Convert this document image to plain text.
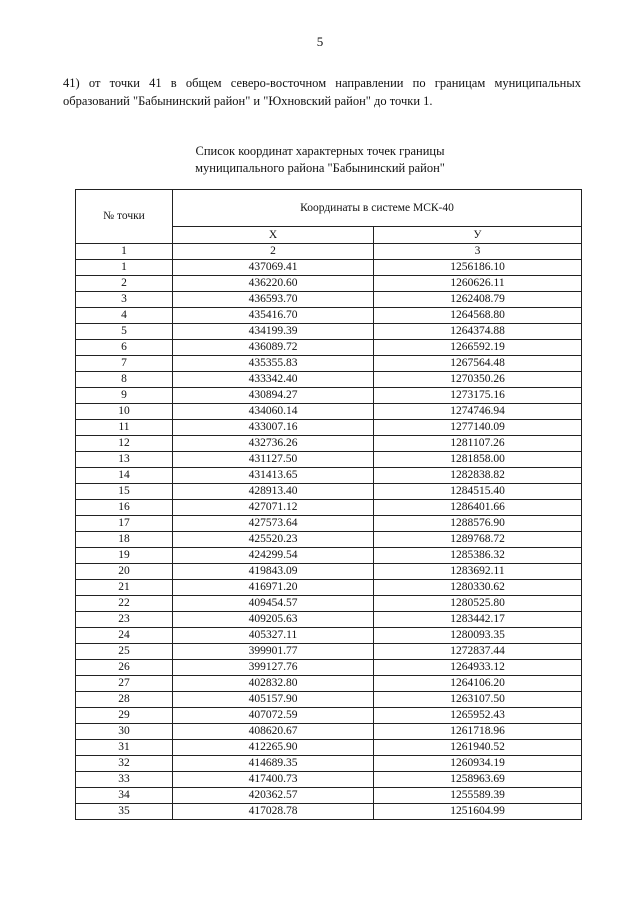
5
41) от точки 41 в общем северо-восточном направлении по границам муниципальных образований "Бабынинский район" и "Юхновский район" до точки 1.
Список координат характерных точек границы
муниципального района "Бабынинский район"
№ точки	Координаты в системе МСК-40	
	Х	У
1	2	3
1	437069.41	1256186.10
2	436220.60	1260626.11
3	436593.70	1262408.79
4	435416.70	1264568.80
5	434199.39	1264374.88
6	436089.72	1266592.19
7	435355.83	1267564.48
8	433342.40	1270350.26
9	430894.27	1273175.16
10	434060.14	1274746.94
11	433007.16	1277140.09
12	432736.26	1281107.26
13	431127.50	1281858.00
14	431413.65	1282838.82
15	428913.40	1284515.40
16	427071.12	1286401.66
17	427573.64	1288576.90
18	425520.23	1289768.72
19	424299.54	1285386.32
20	419843.09	1283692.11
21	416971.20	1280330.62
22	409454.57	1280525.80
23	409205.63	1283442.17
24	405327.11	1280093.35
25	399901.77	1272837.44
26	399127.76	1264933.12
27	402832.80	1264106.20
28	405157.90	1263107.50
29	407072.59	1265952.43
30	408620.67	1261718.96
31	412265.90	1261940.52
32	414689.35	1260934.19
33	417400.73	1258963.69
34	420362.57	1255589.39
35	417028.78	1251604.99
